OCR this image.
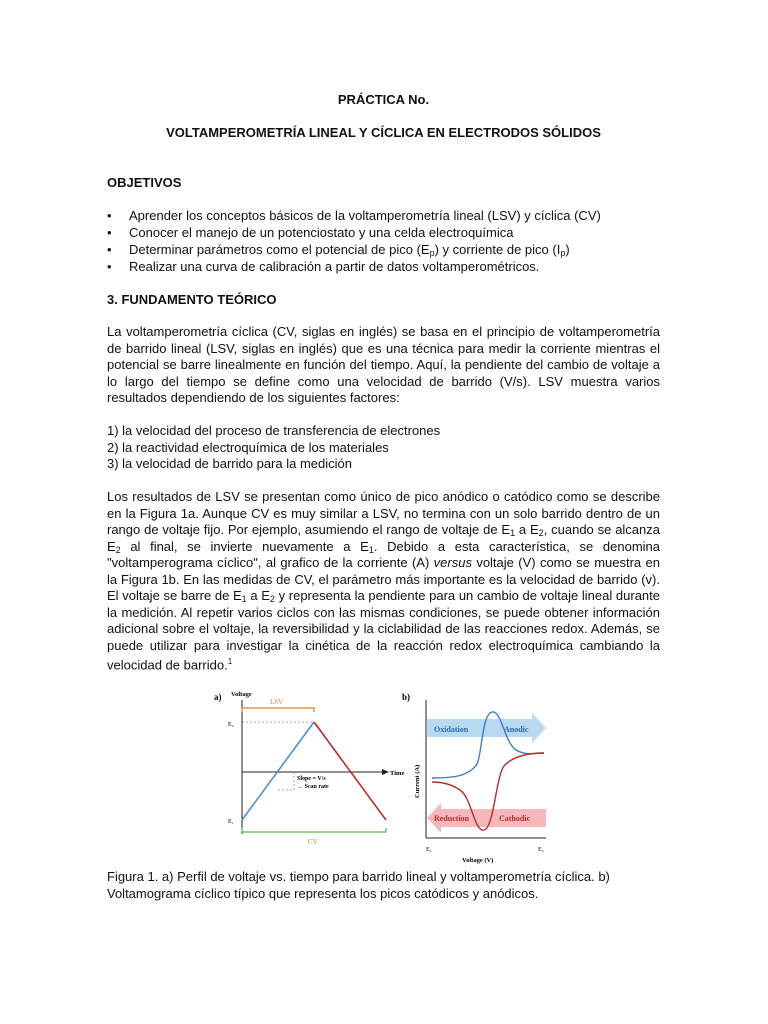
PRÁCTICA No.
VOLTAMPEROMETRÍA LINEAL Y CÍCLICA EN ELECTRODOS SÓLIDOS
OBJETIVOS
• Aprender los conceptos básicos de la voltamperometría lineal (LSV) y cíclica (CV)
• Conocer el manejo de un potenciostato y una celda electroquímica
• Determinar parámetros como el potencial de pico $(E_p)$ y corriente de pico $(I_p)$
• Realizar una curva de calibración a partir de datos voltamperométricos.
3. FUNDAMENTO TEÓRICO

La voltamperometría cíclica (CV, siglas en inglés) se basa en el principio de voltamperometría de barrido lineal (LSV, siglas en inglés) que es una técnica para medir la corriente mientras el potencial se barre linealmente en función del tiempo. Aquí, la pendiente del cambio de voltaje a lo largo del tiempo se define como una velocidad de barrido (V/s). LSV muestra varios resultados dependiendo de los siguientes factores:

1) la velocidad del proceso de transferencia de electrones
2) la reactividad electroquímica de los materiales
3) la velocidad de barrido para la medición

Los resultados de LSV se presentan como único de pico anódico o catódico como se describe en la Figura 1a. Aunque CV es muy similar a LSV, no termina con un solo barrido dentro de un rango de voltaje fijo. Por ejemplo, asumiendo el rango de voltaje de $E_1$ a $E_2$, cuando se alcanza $E_2$ al final, se invierte nuevamente a $E_1$. Debido a esta característica, se denomina "voltamperograma cíclico", al grafico de la corriente (A) versus voltaje (V) como se muestra en la Figura 1b. En las medidas de CV, el parámetro más importante es la velocidad de barrido (v). El voltaje se barre de $E_1$ a $E_2$ y representa la pendiente para un cambio de voltaje lineal durante la medición. Al repetir varios ciclos con las mismas condiciones, se puede obtener información adicional sobre el voltaje, la reversibilidad y la ciclabilidad de las reacciones redox. Además, se puede utilizar para investigar la cinética de la reacción redox electroquímica cambiando la velocidad de barrido.$^1$

Figura 1. a) Perfil de voltaje vs. tiempo para barrido lineal y voltamperometría cíclica. b) Voltamograma cíclico típico que representa los picos catódicos y anódicos.
a) Voltage
Time
E₂
E₁
LSV
Slope = V/s
→ Scan rate
CV
b)
Current (A)
E₁	E₂
Voltage (V)
Oxidation	Anodic
Reduction	Cathodic
